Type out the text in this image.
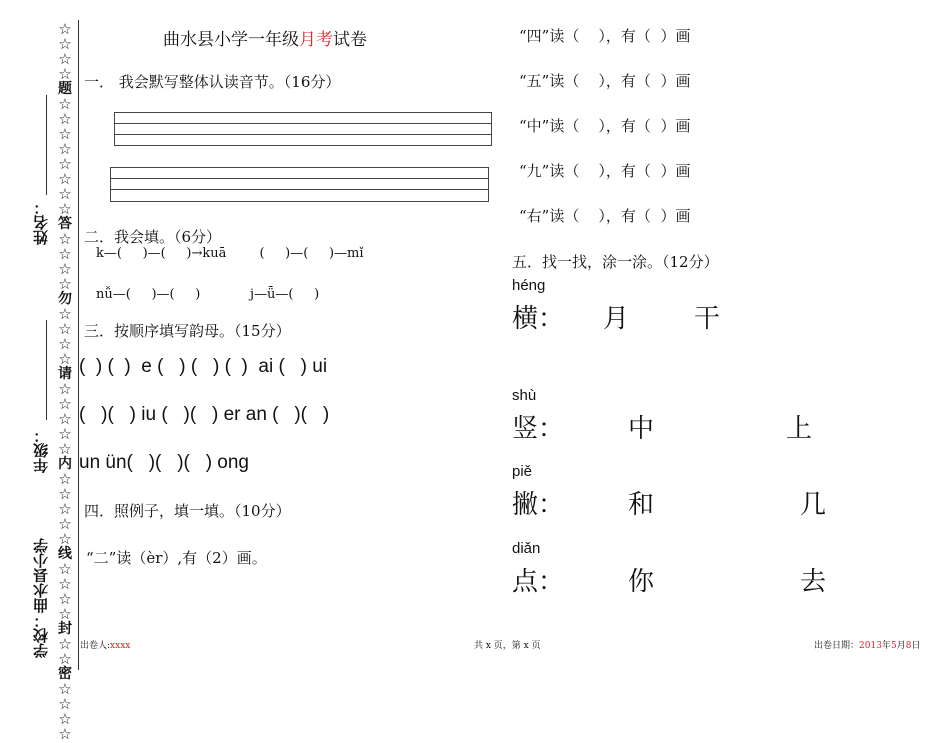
☆
☆
☆
☆
题
☆
☆
☆
☆
☆
☆
☆
☆
答
☆
☆
☆
☆
勿
☆
☆
☆
☆
请
☆
☆
☆
☆
☆
内
☆
☆
☆
☆
☆
线
☆
☆
☆
☆
封
☆
☆
密
☆
☆
☆
☆
姓名：
年级：
学校：曲水县小学
曲水县小学一年级月考试卷
一． 我会默写整体认读音节。（16分）
二．我会填。（6分）
k—(     )—(     )→kuā        (     )—(     )—mǐ
nǚ—(     )—(     )            j—ǖ—(     )
三．按顺序填写韵母。（15分）
(  ) (  )  e (   ) (   ) (  )  ai (   ) ui
(   )(   ) iu (   )(   ) er an (   )(   )
un ün(   )(   )(   ) ong
四．照例子，填一填。（10分）
“二”读（èr）,有（2）画。
“四”读（    ），有（  ）画
“五”读（    ），有（  ）画
“中”读（    ），有（  ）画
“九”读（    ），有（  ）画
“右”读（    ），有（  ）画
五．找一找，涂一涂。（12分）
héng
横： 月 干
shù
竖： 中	上
piě
撇： 和	几
diǎn
点： 你	去
出卷人:xxxx	共 x 页，第 x 页	出卷日期：2013年5月8日
